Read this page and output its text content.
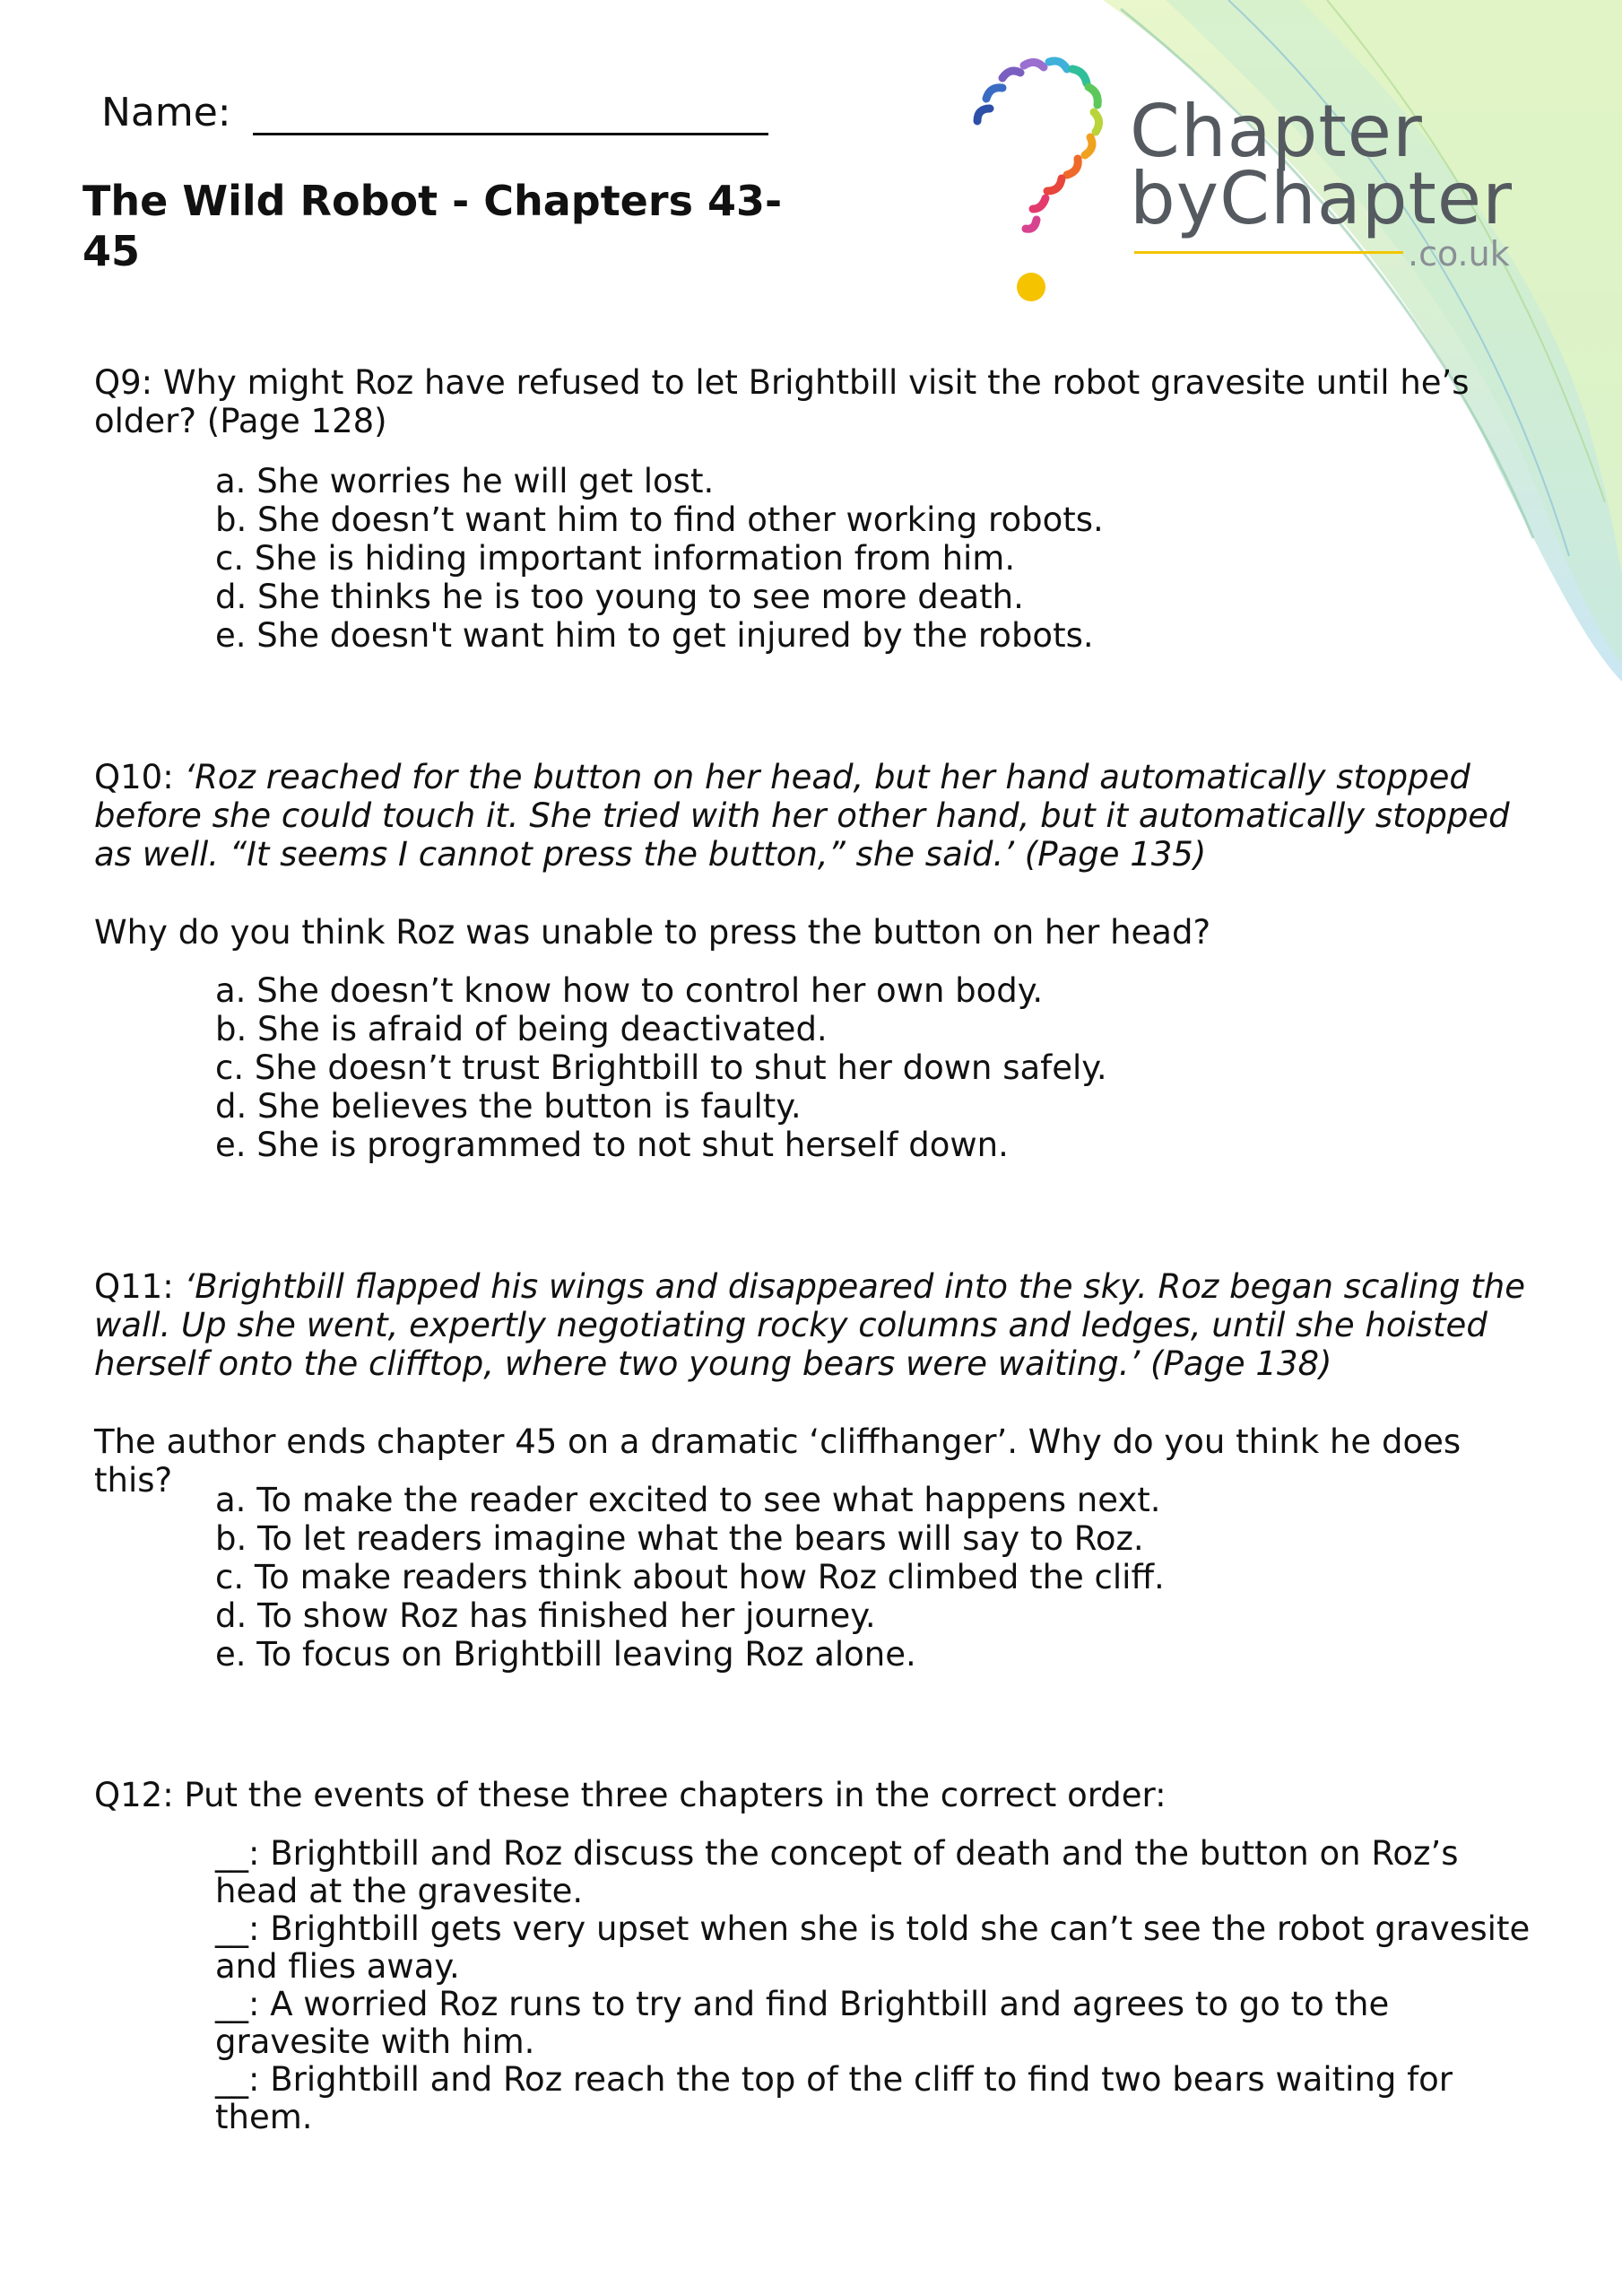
Name:
The Wild Robot - Chapters 43-45
Chapter
byChapter
.co.uk

Q9: Why might Roz have refused to let Brightbill visit the robot gravesite until he’s older? (Page 128)

a. She worries he will get lost.
b. She doesn’t want him to find other working robots.
c. She is hiding important information from him.
d. She thinks he is too young to see more death.
e. She doesn't want him to get injured by the robots.

Q10: ‘Roz reached for the button on her head, but her hand automatically stopped before she could touch it. She tried with her other hand, but it automatically stopped as well. “It seems I cannot press the button,” she said.’ (Page 135)

Why do you think Roz was unable to press the button on her head?

a. She doesn’t know how to control her own body.
b. She is afraid of being deactivated.
c. She doesn’t trust Brightbill to shut her down safely.
d. She believes the button is faulty.
e. She is programmed to not shut herself down.

Q11: ‘Brightbill flapped his wings and disappeared into the sky. Roz began scaling the wall. Up she went, expertly negotiating rocky columns and ledges, until she hoisted herself onto the clifftop, where two young bears were waiting.’ (Page 138)

The author ends chapter 45 on a dramatic ‘cliffhanger’. Why do you think he does this?

a. To make the reader excited to see what happens next.
b. To let readers imagine what the bears will say to Roz.
c. To make readers think about how Roz climbed the cliff.
d. To show Roz has finished her journey.
e. To focus on Brightbill leaving Roz alone.

Q12: Put the events of these three chapters in the correct order:

__: Brightbill and Roz discuss the concept of death and the button on Roz’s head at the gravesite.
__: Brightbill gets very upset when she is told she can’t see the robot gravesite and flies away.
__: A worried Roz runs to try and find Brightbill and agrees to go to the gravesite with him.
__: Brightbill and Roz reach the top of the cliff to find two bears waiting for them.
